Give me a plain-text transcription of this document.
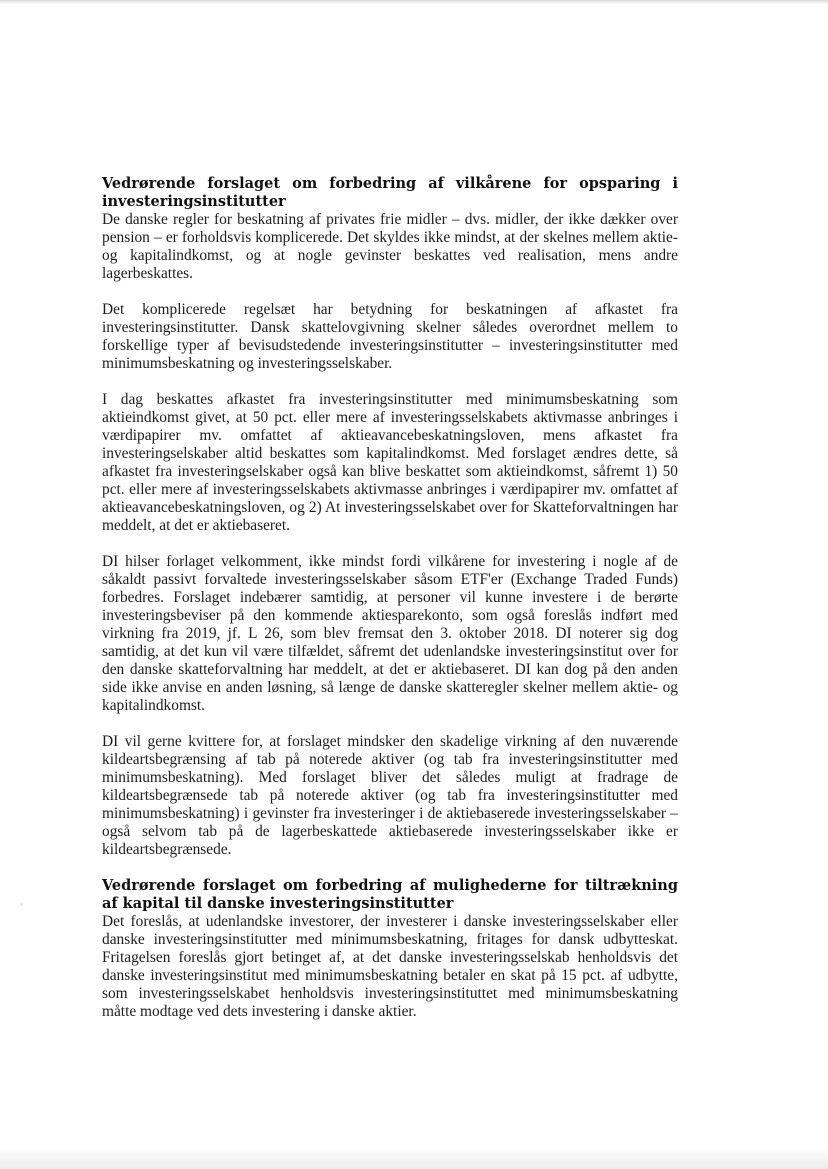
Vedrørende forslaget om forbedring af vilkårene for opsparing i investeringsinstitutter

De danske regler for beskatning af privates frie midler – dvs. midler, der ikke dækker over pension – er forholdsvis komplicerede. Det skyldes ikke mindst, at der skelnes mellem aktie- og kapitalindkomst, og at nogle gevinster beskattes ved realisation, mens andre lagerbeskattes.

Det komplicerede regelsæt har betydning for beskatningen af afkastet fra investeringsinstitutter. Dansk skattelovgivning skelner således overordnet mellem to forskellige typer af bevisudstedende investeringsinstitutter – investeringsinstitutter med minimumsbeskatning og investeringsselskaber.

I dag beskattes afkastet fra investeringsinstitutter med minimumsbeskatning som aktieindkomst givet, at 50 pct. eller mere af investeringsselskabets aktivmasse anbringes i værdipapirer mv. omfattet af aktieavancebeskatningsloven, mens afkastet fra investeringselskaber altid beskattes som kapitalindkomst. Med forslaget ændres dette, så afkastet fra investeringselskaber også kan blive beskattet som aktieindkomst, såfremt 1) 50 pct. eller mere af investeringsselskabets aktivmasse anbringes i værdipapirer mv. omfattet af aktieavancebeskatningsloven, og 2) At investeringsselskabet over for Skatteforvaltningen har meddelt, at det er aktiebaseret.

DI hilser forlaget velkomment, ikke mindst fordi vilkårene for investering i nogle af de såkaldt passivt forvaltede investeringsselskaber såsom ETF'er (Exchange Traded Funds) forbedres. Forslaget indebærer samtidig, at personer vil kunne investere i de berørte investeringsbeviser på den kommende aktiesparekonto, som også foreslås indført med virkning fra 2019, jf. L 26, som blev fremsat den 3. oktober 2018. DI noterer sig dog samtidig, at det kun vil være tilfældet, såfremt det udenlandske investeringsinstitut over for den danske skatteforvaltning har meddelt, at det er aktiebaseret. DI kan dog på den anden side ikke anvise en anden løsning, så længe de danske skatteregler skelner mellem aktie- og kapitalindkomst.

DI vil gerne kvittere for, at forslaget mindsker den skadelige virkning af den nuværende kildeartsbegrænsing af tab på noterede aktiver (og tab fra investeringsinstitutter med minimumsbeskatning). Med forslaget bliver det således muligt at fradrage de kildeartsbegrænsede tab på noterede aktiver (og tab fra investeringsinstitutter med minimumsbeskatning) i gevinster fra investeringer i de aktiebaserede investeringsselskaber – også selvom tab på de lagerbeskattede aktiebaserede investeringsselskaber ikke er kildeartsbegrænsede.

Vedrørende forslaget om forbedring af mulighederne for tiltrækning af kapital til danske investeringsinstitutter

Det foreslås, at udenlandske investorer, der investerer i danske investeringsselskaber eller danske investeringsinstitutter med minimumsbeskatning, fritages for dansk udbytteskat. Fritagelsen foreslås gjort betinget af, at det danske investeringsselskab henholdsvis det danske investeringsinstitut med minimumsbeskatning betaler en skat på 15 pct. af udbytte, som investeringsselskabet henholdsvis investeringsinstituttet med minimumsbeskatning måtte modtage ved dets investering i danske aktier.
